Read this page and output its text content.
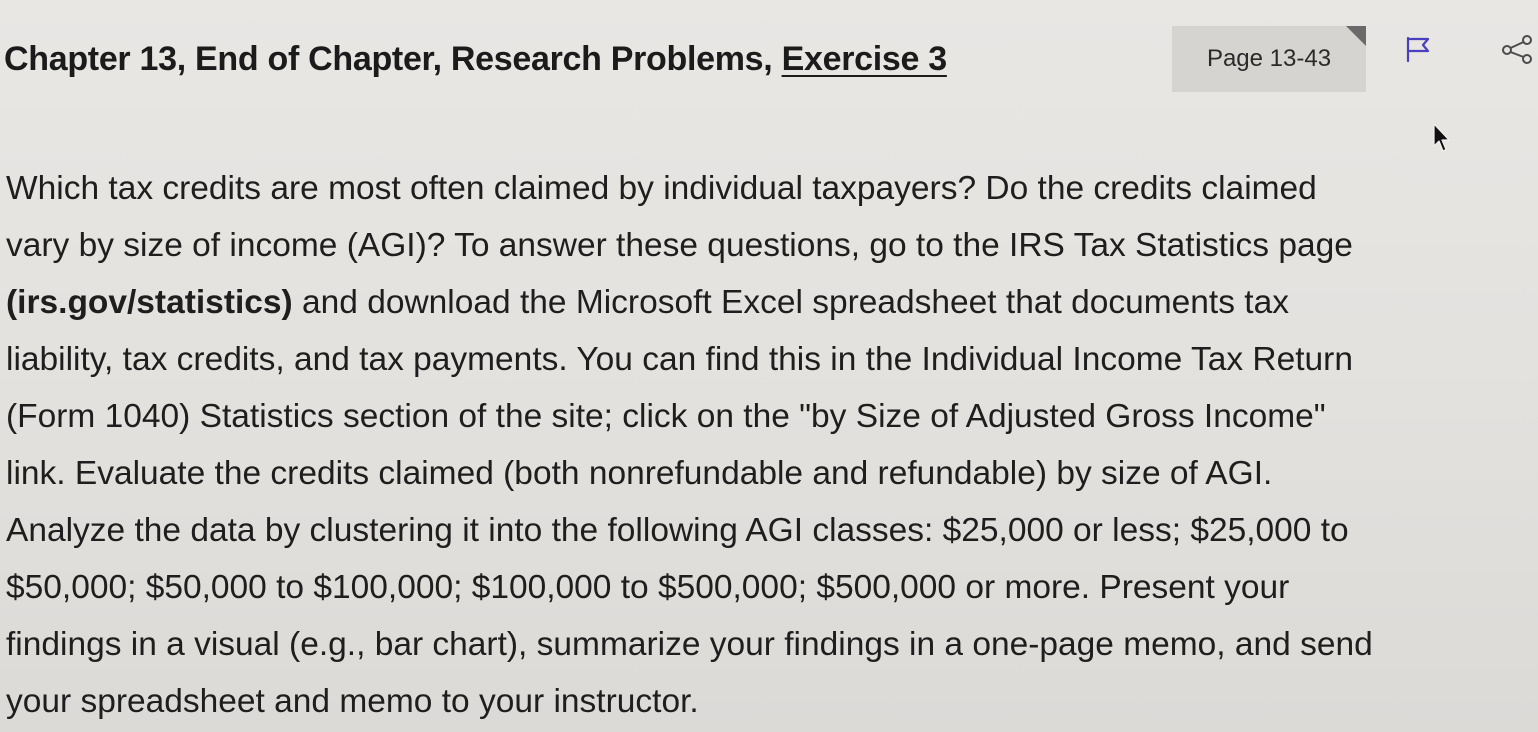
Chapter 13, End of Chapter, Research Problems, Exercise 3	Page 13-43
Which tax credits are most often claimed by individual taxpayers? Do the credits claimed
vary by size of income (AGI)? To answer these questions, go to the IRS Tax Statistics page
(irs.gov/statistics) and download the Microsoft Excel spreadsheet that documents tax
liability, tax credits, and tax payments. You can find this in the Individual Income Tax Return
(Form 1040) Statistics section of the site; click on the "by Size of Adjusted Gross Income"
link. Evaluate the credits claimed (both nonrefundable and refundable) by size of AGI.
Analyze the data by clustering it into the following AGI classes: $25,000 or less; $25,000 to
$50,000; $50,000 to $100,000; $100,000 to $500,000; $500,000 or more. Present your
findings in a visual (e.g., bar chart), summarize your findings in a one-page memo, and send
your spreadsheet and memo to your instructor.
